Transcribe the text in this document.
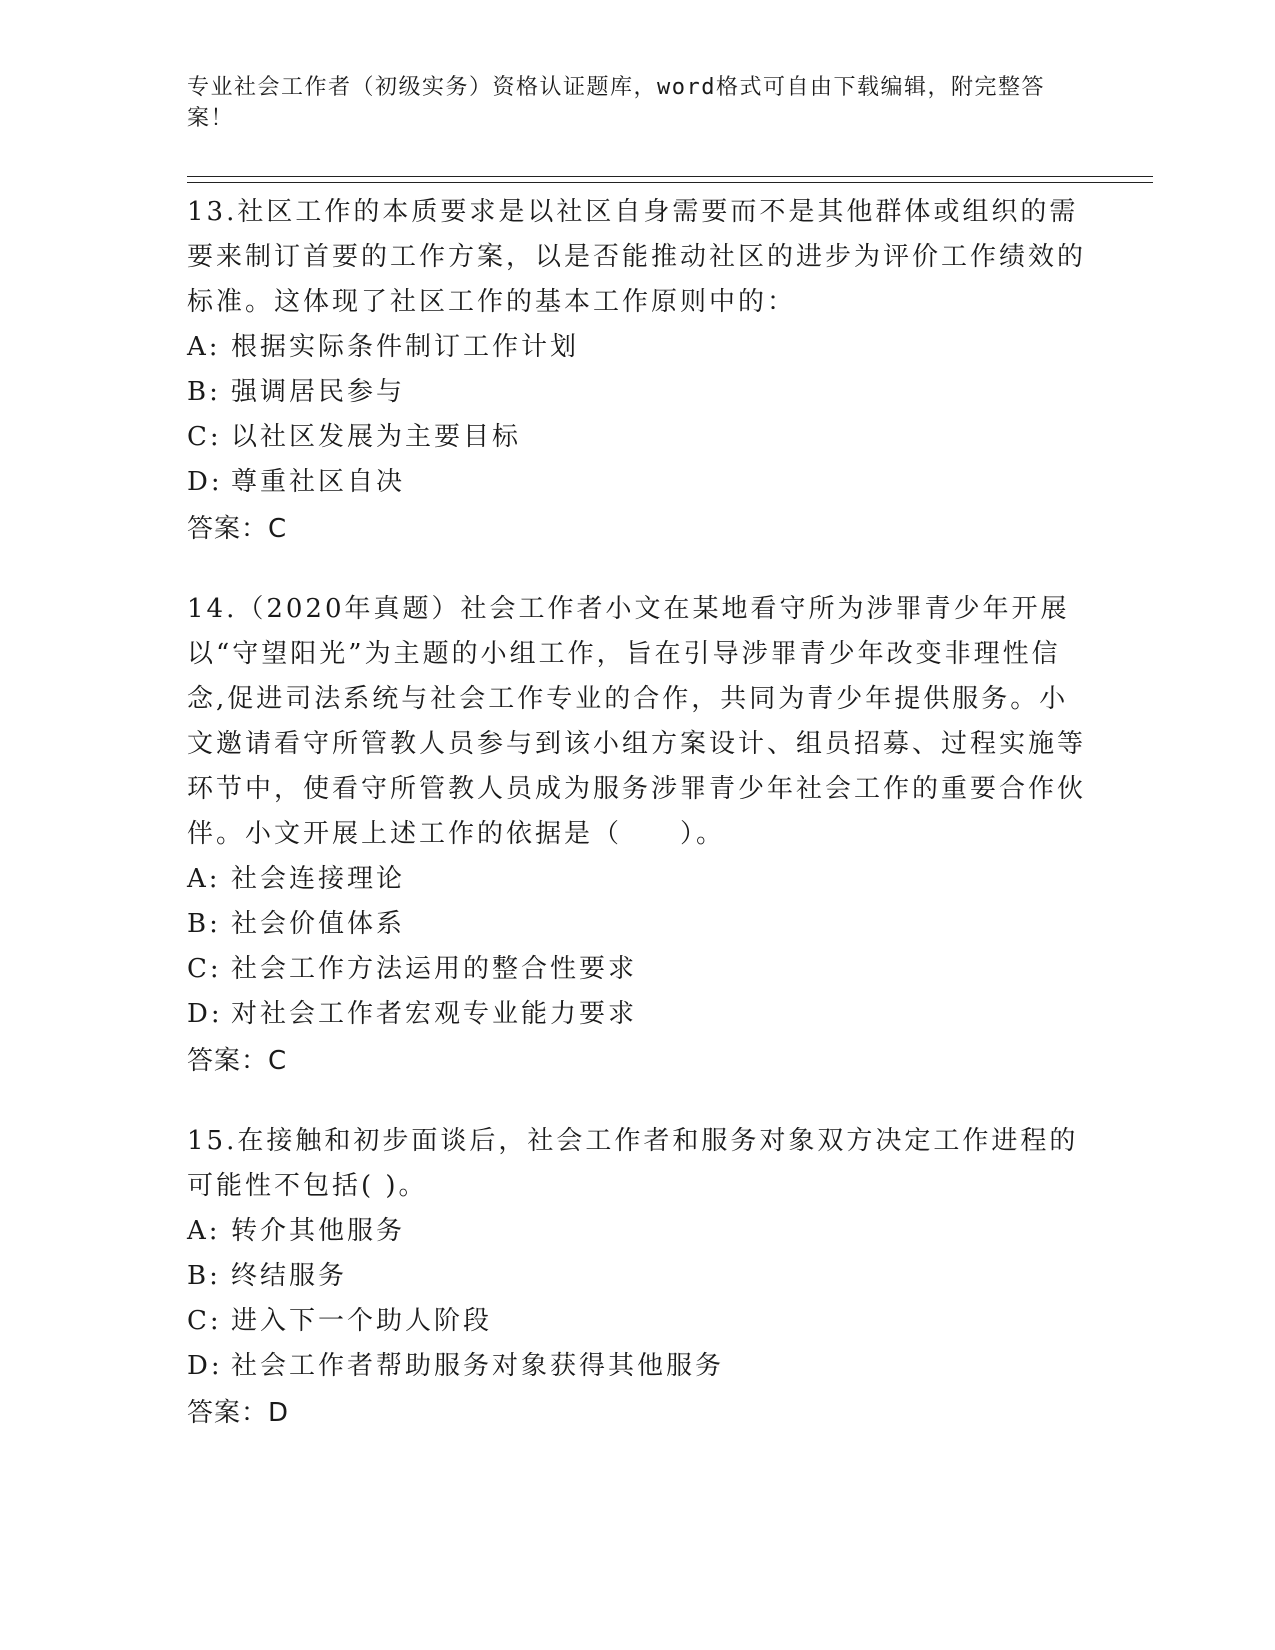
专业社会工作者（初级实务）资格认证题库，word格式可自由下载编辑，附完整答案！

13.社区工作的本质要求是以社区自身需要而不是其他群体或组织的需要来制订首要的工作方案，以是否能推动社区的进步为评价工作绩效的标准。这体现了社区工作的基本工作原则中的：

A: 根据实际条件制订工作计划

B: 强调居民参与

C: 以社区发展为主要目标

D: 尊重社区自决

答案：C

14.（2020年真题）社会工作者小文在某地看守所为涉罪青少年开展以“守望阳光”为主题的小组工作，旨在引导涉罪青少年改变非理性信念,促进司法系统与社会工作专业的合作，共同为青少年提供服务。小文邀请看守所管教人员参与到该小组方案设计、组员招募、过程实施等环节中，使看守所管教人员成为服务涉罪青少年社会工作的重要合作伙伴。小文开展上述工作的依据是（　　）。

A: 社会连接理论

B: 社会价值体系

C: 社会工作方法运用的整合性要求

D: 对社会工作者宏观专业能力要求

答案：C

15.在接触和初步面谈后，社会工作者和服务对象双方决定工作进程的可能性不包括( )。

A: 转介其他服务

B: 终结服务

C: 进入下一个助人阶段

D: 社会工作者帮助服务对象获得其他服务

答案：D
